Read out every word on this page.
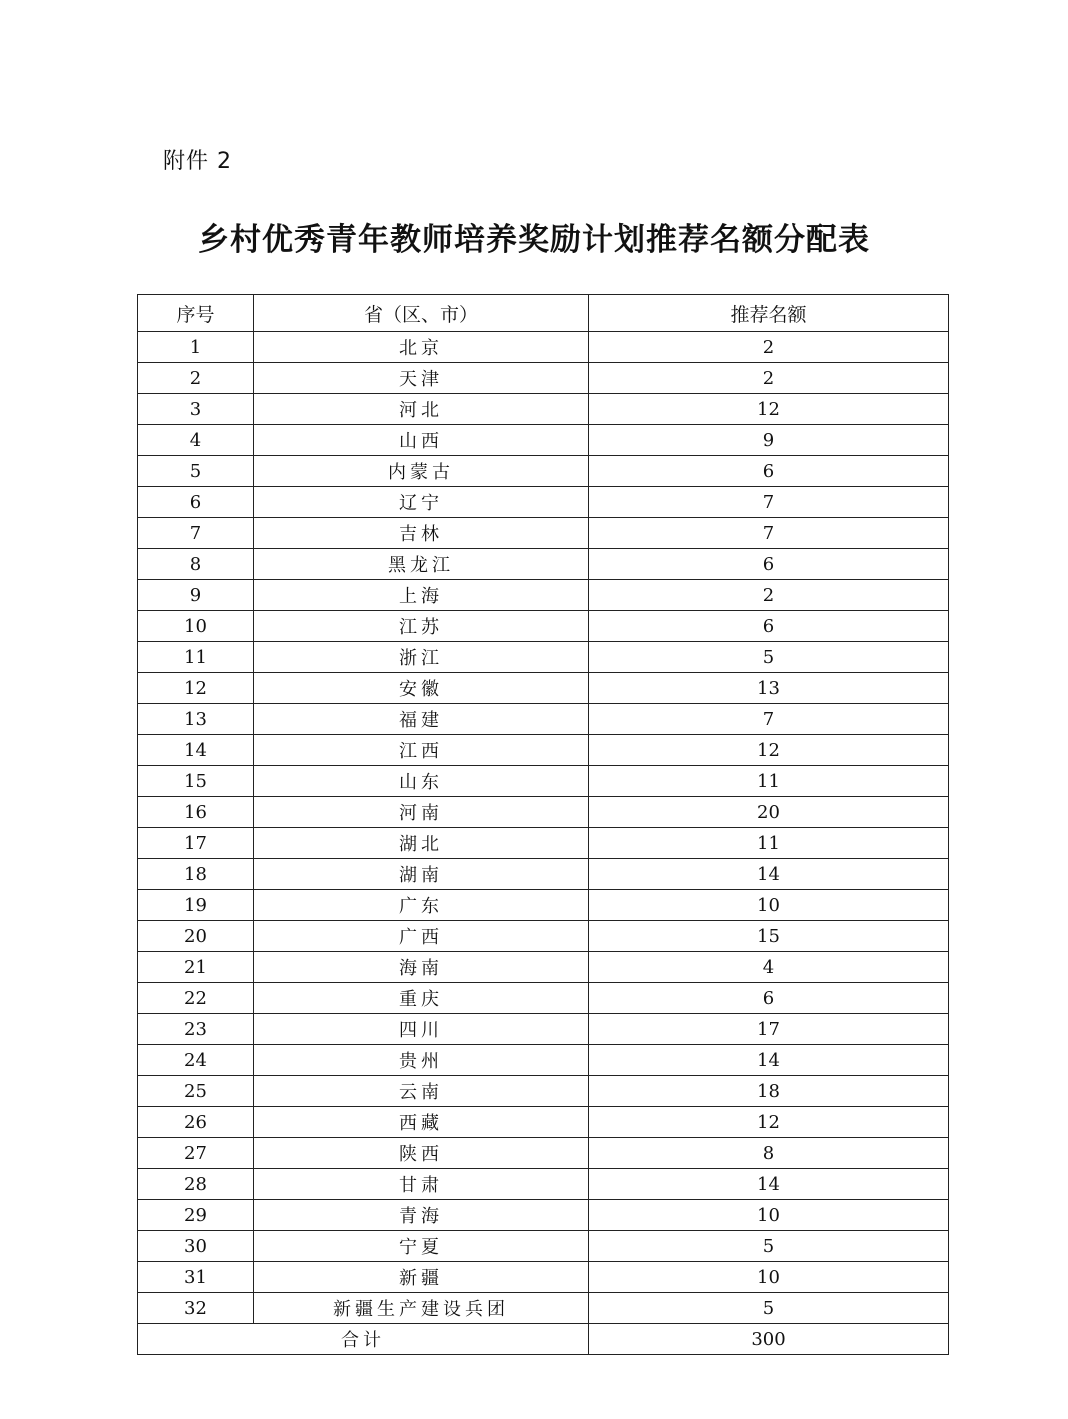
附件 2
乡村优秀青年教师培养奖励计划推荐名额分配表
序号	省（区、市）	推荐名额
1	北京	2
2	天津	2
3	河北	12
4	山西	9
5	内蒙古	6
6	辽宁	7
7	吉林	7
8	黑龙江	6
9	上海	2
10	江苏	6
11	浙江	5
12	安徽	13
13	福建	7
14	江西	12
15	山东	11
16	河南	20
17	湖北	11
18	湖南	14
19	广东	10
20	广西	15
21	海南	4
22	重庆	6
23	四川	17
24	贵州	14
25	云南	18
26	西藏	12
27	陕西	8
28	甘肃	14
29	青海	10
30	宁夏	5
31	新疆	10
32	新疆生产建设兵团	5
合计		300
